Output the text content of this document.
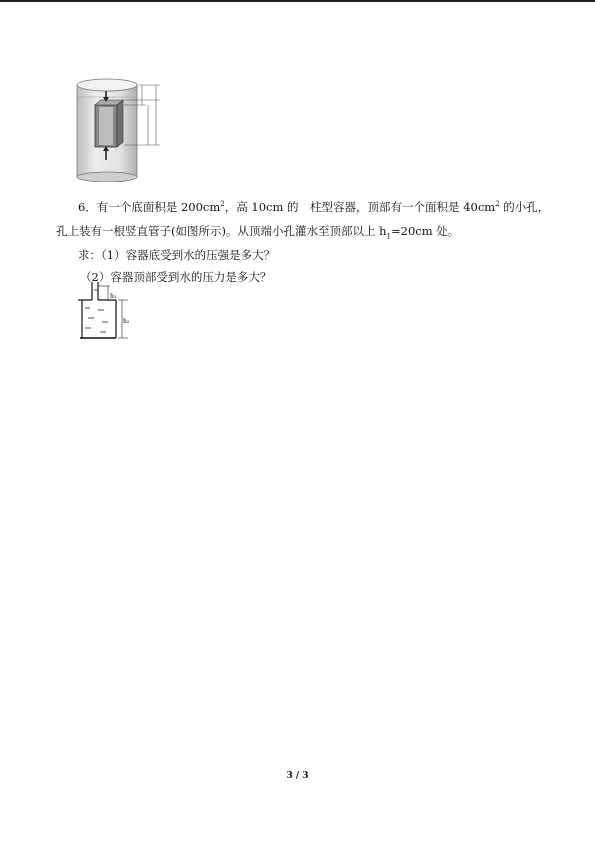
6．有一个底面积是 $200cm^2$，高 10cm 的　柱型容器，顶部有一个面积是 $40cm^2$ 的小孔，

孔上装有一根竖直管子(如图所示)。从顶端小孔灌水至顶部以上 $h_1=20cm$ 处。

求：（1）容器底受到水的压强是多大？

（2）容器顶部受到水的压力是多大？

h₁
h₂
3 / 3
